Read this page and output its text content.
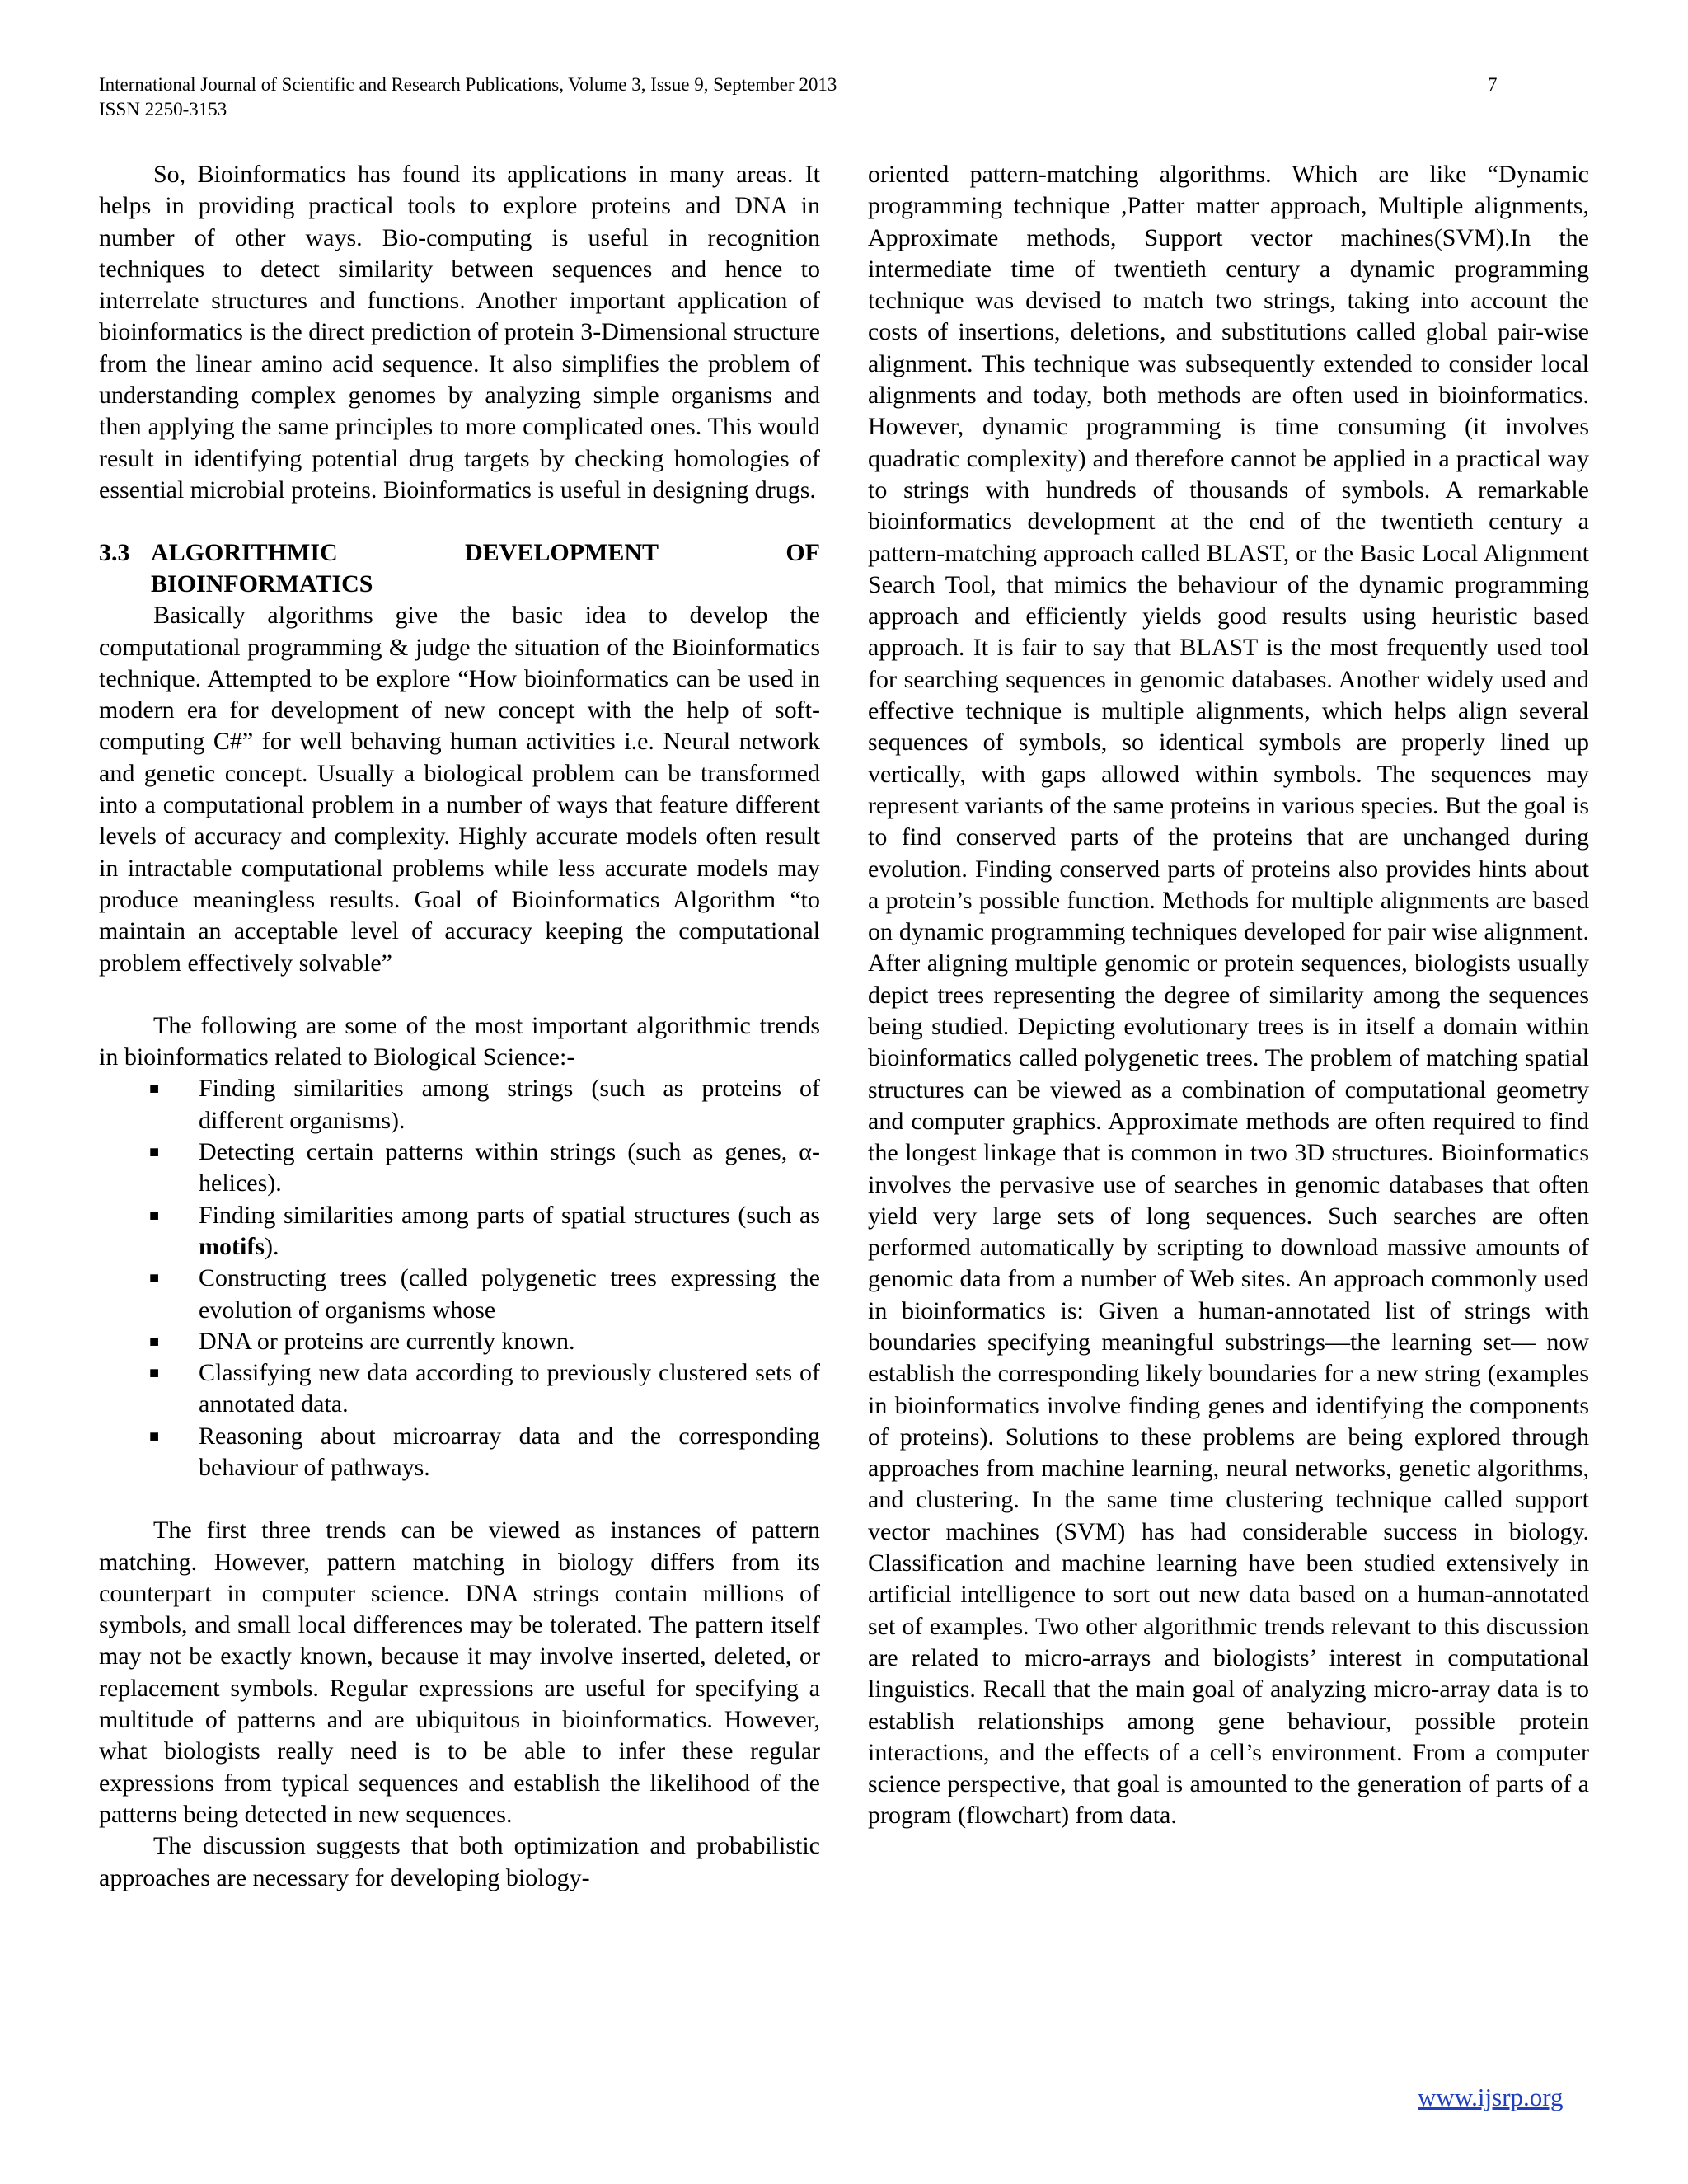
International Journal of Scientific and Research Publications, Volume 3, Issue 9, September 2013
ISSN 2250-3153
7

So, Bioinformatics has found its applications in many areas. It helps in providing practical tools to explore proteins and DNA in number of other ways. Bio-computing is useful in recognition techniques to detect similarity between sequences and hence to interrelate structures and functions. Another important application of bioinformatics is the direct prediction of protein 3-Dimensional structure from the linear amino acid sequence. It also simplifies the problem of understanding complex genomes by analyzing simple organisms and then applying the same principles to more complicated ones. This would result in identifying potential drug targets by checking homologies of essential microbial proteins. Bioinformatics is useful in designing drugs.

3.3 ALGORITHMIC	DEVELOPMENT	OF
BIOINFORMATICS

Basically algorithms give the basic idea to develop the computational programming & judge the situation of the Bioinformatics technique. Attempted to be explore “How bioinformatics can be used in modern era for development of new concept with the help of soft-computing C#” for well behaving human activities i.e. Neural network and genetic concept. Usually a biological problem can be transformed into a computational problem in a number of ways that feature different levels of accuracy and complexity. Highly accurate models often result in intractable computational problems while less accurate models may produce meaningless results. Goal of Bioinformatics Algorithm “to maintain an acceptable level of accuracy keeping the computational problem effectively solvable”

The following are some of the most important algorithmic trends in bioinformatics related to Biological Science:-

■ Finding similarities among strings (such as proteins of different organisms).
■ Detecting certain patterns within strings (such as genes, α-helices).
■ Finding similarities among parts of spatial structures (such as motifs).
■ Constructing trees (called polygenetic trees expressing the evolution of organisms whose
■ DNA or proteins are currently known.
■ Classifying new data according to previously clustered sets of annotated data.
■ Reasoning about microarray data and the corresponding behaviour of pathways.

The first three trends can be viewed as instances of pattern matching. However, pattern matching in biology differs from its counterpart in computer science. DNA strings contain millions of symbols, and small local differences may be tolerated. The pattern itself may not be exactly known, because it may involve inserted, deleted, or replacement symbols. Regular expressions are useful for specifying a multitude of patterns and are ubiquitous in bioinformatics. However, what biologists really need is to be able to infer these regular expressions from typical sequences and establish the likelihood of the patterns being detected in new sequences.

The discussion suggests that both optimization and probabilistic approaches are necessary for developing biology-

oriented pattern-matching algorithms. Which are like “Dynamic programming technique ,Patter matter approach, Multiple alignments, Approximate methods, Support vector machines(SVM).In the intermediate time of twentieth century a dynamic programming technique was devised to match two strings, taking into account the costs of insertions, deletions, and substitutions called global pair-wise alignment. This technique was subsequently extended to consider local alignments and today, both methods are often used in bioinformatics. However, dynamic programming is time consuming (it involves quadratic complexity) and therefore cannot be applied in a practical way to strings with hundreds of thousands of symbols. A remarkable bioinformatics development at the end of the twentieth century a pattern-matching approach called BLAST, or the Basic Local Alignment Search Tool, that mimics the behaviour of the dynamic programming approach and efficiently yields good results using heuristic based approach. It is fair to say that BLAST is the most frequently used tool for searching sequences in genomic databases. Another widely used and effective technique is multiple alignments, which helps align several sequences of symbols, so identical symbols are properly lined up vertically, with gaps allowed within symbols. The sequences may represent variants of the same proteins in various species. But the goal is to find conserved parts of the proteins that are unchanged during evolution. Finding conserved parts of proteins also provides hints about a protein’s possible function. Methods for multiple alignments are based on dynamic programming techniques developed for pair wise alignment. After aligning multiple genomic or protein sequences, biologists usually depict trees representing the degree of similarity among the sequences being studied. Depicting evolutionary trees is in itself a domain within bioinformatics called polygenetic trees. The problem of matching spatial structures can be viewed as a combination of computational geometry and computer graphics. Approximate methods are often required to find the longest linkage that is common in two 3D structures. Bioinformatics involves the pervasive use of searches in genomic databases that often yield very large sets of long sequences. Such searches are often performed automatically by scripting to download massive amounts of genomic data from a number of Web sites. An approach commonly used in bioinformatics is: Given a human-annotated list of strings with boundaries specifying meaningful substrings—the learning set— now establish the corresponding likely boundaries for a new string (examples in bioinformatics involve finding genes and identifying the components of proteins). Solutions to these problems are being explored through approaches from machine learning, neural networks, genetic algorithms, and clustering. In the same time clustering technique called support vector machines (SVM) has had considerable success in biology. Classification and machine learning have been studied extensively in artificial intelligence to sort out new data based on a human-annotated set of examples. Two other algorithmic trends relevant to this discussion are related to micro-arrays and biologists’ interest in computational linguistics. Recall that the main goal of analyzing micro-array data is to establish relationships among gene behaviour, possible protein interactions, and the effects of a cell’s environment. From a computer science perspective, that goal is amounted to the generation of parts of a program (flowchart) from data.

www.ijsrp.org
